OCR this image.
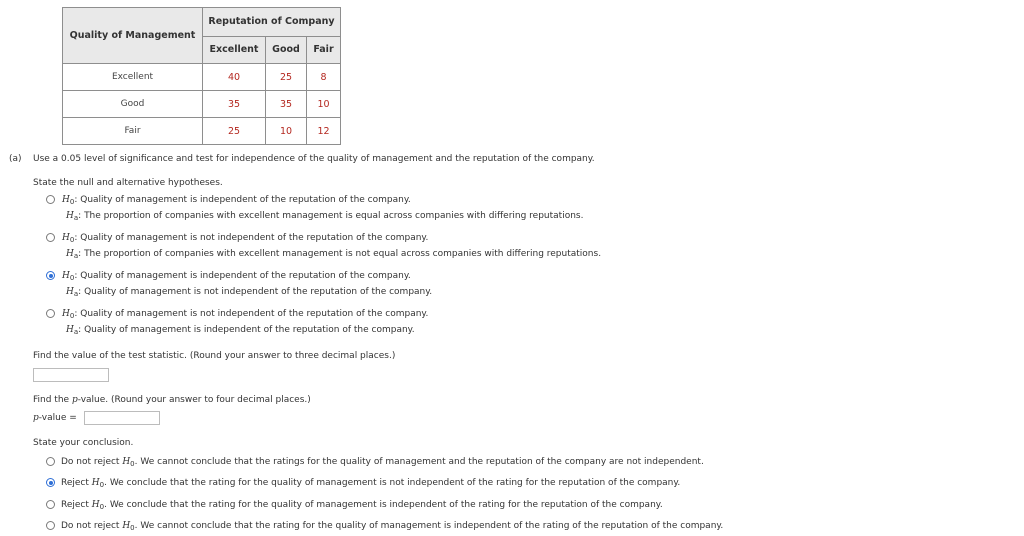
Quality of Management	Reputation of Company		
	Excellent	Good	Fair
Excellent	40	25	8
Good	35	35	10
Fair	25	10	12
(a) Use a 0.05 level of significance and test for independence of the quality of management and the reputation of the company.
State the null and alternative hypotheses.
$H_0$: Quality of management is independent of the reputation of the company.
$H_a$: The proportion of companies with excellent management is equal across companies with differing reputations.
$H_0$: Quality of management is not independent of the reputation of the company.
$H_a$: The proportion of companies with excellent management is not equal across companies with differing reputations.
$H_0$: Quality of management is independent of the reputation of the company.
$H_a$: Quality of management is not independent of the reputation of the company.
$H_0$: Quality of management is not independent of the reputation of the company.
$H_a$: Quality of management is independent of the reputation of the company.
Find the value of the test statistic. (Round your answer to three decimal places.)
Find the p-value. (Round your answer to four decimal places.)
p-value =
State your conclusion.
Do not reject $H_0$. We cannot conclude that the ratings for the quality of management and the reputation of the company are not independent.
Reject $H_0$. We conclude that the rating for the quality of management is not independent of the rating for the reputation of the company.
Reject $H_0$. We conclude that the rating for the quality of management is independent of the rating for the reputation of the company.
Do not reject $H_0$. We cannot conclude that the rating for the quality of management is independent of the rating of the reputation of the company.
